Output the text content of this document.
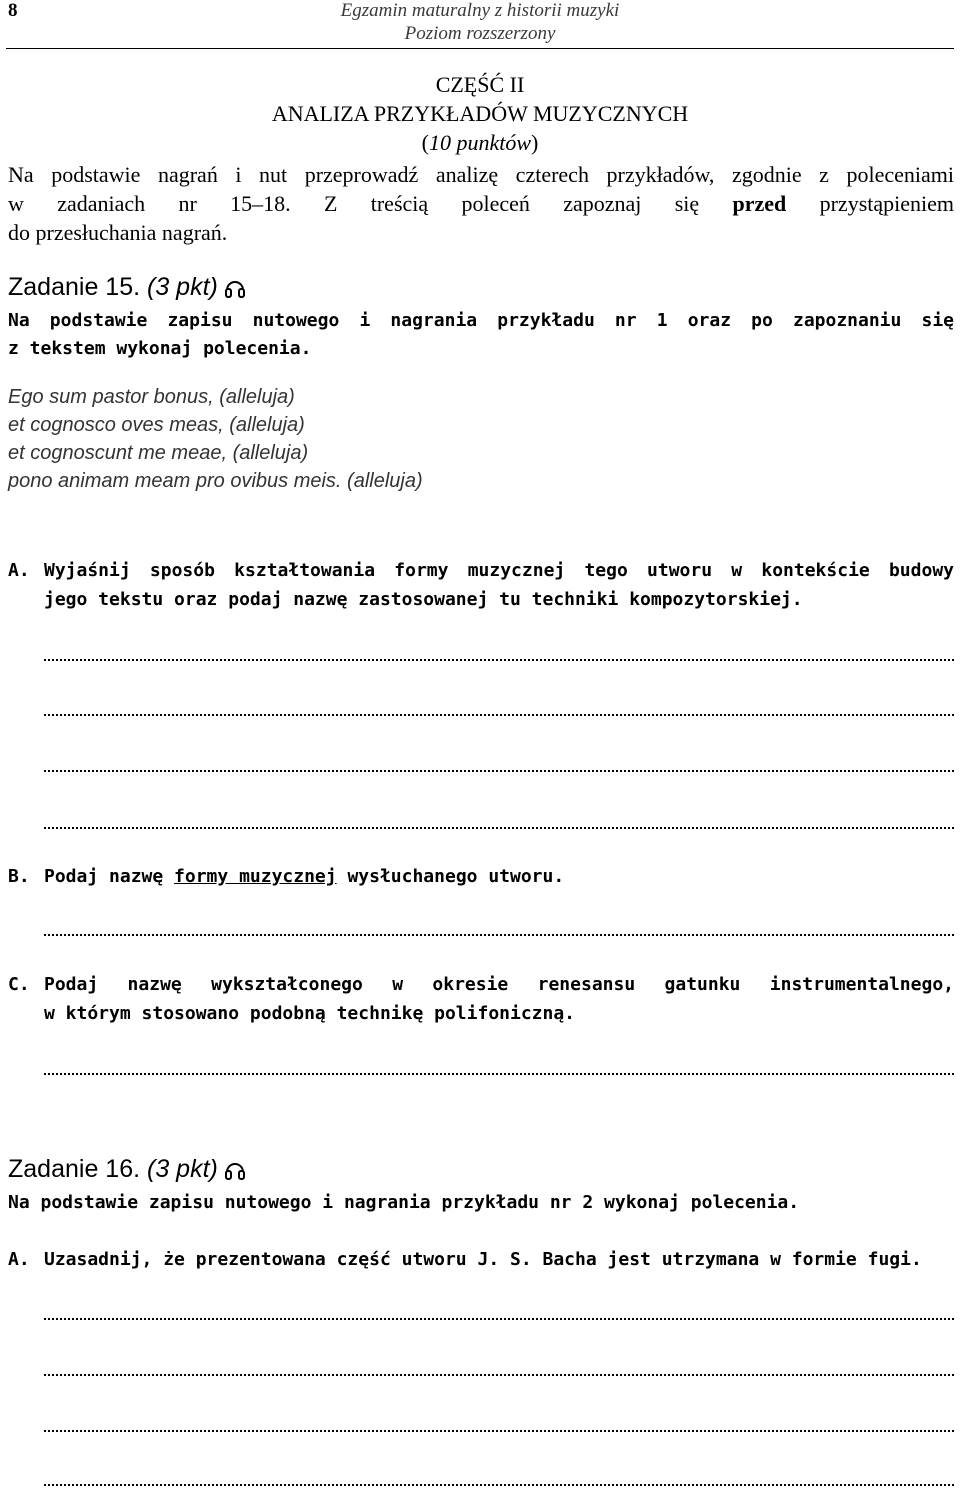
8	Egzamin maturalny z historii muzyki
Poziom rozszerzony
CZĘŚĆ II
ANALIZA PRZYKŁADÓW MUZYCZNYCH
(10 punktów)
Na podstawie nagrań i nut przeprowadź analizę czterech przykładów, zgodnie z poleceniami
w zadaniach nr 15–18. Z treścią poleceń zapoznaj się przed przystąpieniem
do przesłuchania nagrań.
Zadanie 15. (3 pkt)
Na podstawie zapisu nutowego i nagrania przykładu nr 1 oraz po zapoznaniu się
z tekstem wykonaj polecenia.
Ego sum pastor bonus, (alleluja)
et cognosco oves meas, (alleluja)
et cognoscunt me meae, (alleluja)
pono animam meam pro ovibus meis. (alleluja)
A. Wyjaśnij sposób kształtowania formy muzycznej tego utworu w kontekście budowy
jego tekstu oraz podaj nazwę zastosowanej tu techniki kompozytorskiej.
B. Podaj nazwę formy muzycznej wysłuchanego utworu.
C. Podaj nazwę wykształconego w okresie renesansu gatunku instrumentalnego,
w którym stosowano podobną technikę polifoniczną.
Zadanie 16. (3 pkt)
Na podstawie zapisu nutowego i nagrania przykładu nr 2 wykonaj polecenia.
A. Uzasadnij, że prezentowana część utworu J. S. Bacha jest utrzymana w formie fugi.
